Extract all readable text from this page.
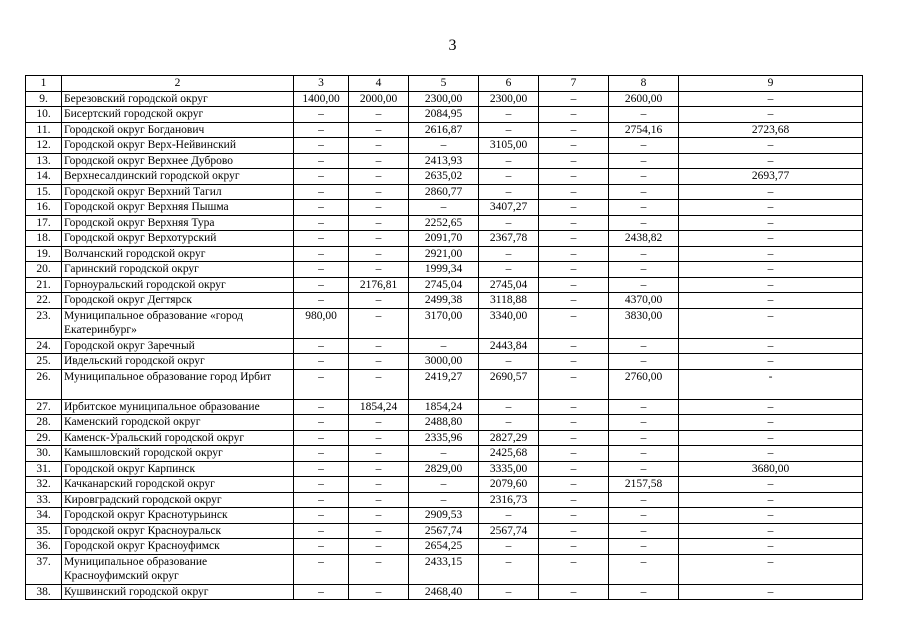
3
1	2	3	4	5	6	7	8	9
9.	Березовский городской округ	1400,00	2000,00	2300,00	2300,00	–	2600,00	–
10.	Бисертский городской округ	–	–	2084,95	–	–	–	–
11.	Городской округ Богданович	–	–	2616,87	–	–	2754,16	2723,68
12.	Городской округ Верх-Нейвинский	–	–	–	3105,00	–	–	–
13.	Городской округ Верхнее Дуброво	–	–	2413,93	–	–	–	–
14.	Верхнесалдинский городской округ	–	–	2635,02	–	–	–	2693,77
15.	Городской округ Верхний Тагил	–	–	2860,77	–	–	–	–
16.	Городской округ Верхняя Пышма	–	–	–	3407,27	–	–	–
17.	Городской округ Верхняя Тура	–	–	2252,65	–	–	–	–
18.	Городской округ Верхотурский	–	–	2091,70	2367,78	–	2438,82	–
19.	Волчанский городской округ	–	–	2921,00	–	–	–	–
20.	Гаринский городской округ	–	–	1999,34	–	–	–	–
21.	Горноуральский городской округ	–	2176,81	2745,04	2745,04	–	–	–
22.	Городской округ Дегтярск	–	–	2499,38	3118,88	–	4370,00	–
23.	Муниципальное образование «город Екатеринбург»	980,00	–	3170,00	3340,00	–	3830,00	–
24.	Городской округ Заречный	–	–	–	2443,84	–	–	–
25.	Ивдельский городской округ	–	–	3000,00	–	–	–	–
26.	Муниципальное образование город Ирбит	–	–	2419,27	2690,57	–	2760,00	-
27.	Ирбитское муниципальное образование	–	1854,24	1854,24	–	–	–	–
28.	Каменский городской округ	–	–	2488,80	–	–	–	–
29.	Каменск-Уральский городской округ	–	–	2335,96	2827,29	–	–	–
30.	Камышловский городской округ	–	–	–	2425,68	–	–	–
31.	Городской округ Карпинск	–	–	2829,00	3335,00	–	–	3680,00
32.	Качканарский городской округ	–	–	–	2079,60	–	2157,58	–
33.	Кировградский городской округ	–	–	–	2316,73	–	–	–
34.	Городской округ Краснотурьинск	–	–	2909,53	–	–	–	–
35.	Городской округ Красноуральск	–	–	2567,74	2567,74	–	–	–
36.	Городской округ Красноуфимск	–	–	2654,25	–	–	–	–
37.	Муниципальное образование Красноуфимский округ	–	–	2433,15	–	–	–	–
38.	Кушвинский городской округ	–	–	2468,40	–	–	–	–
